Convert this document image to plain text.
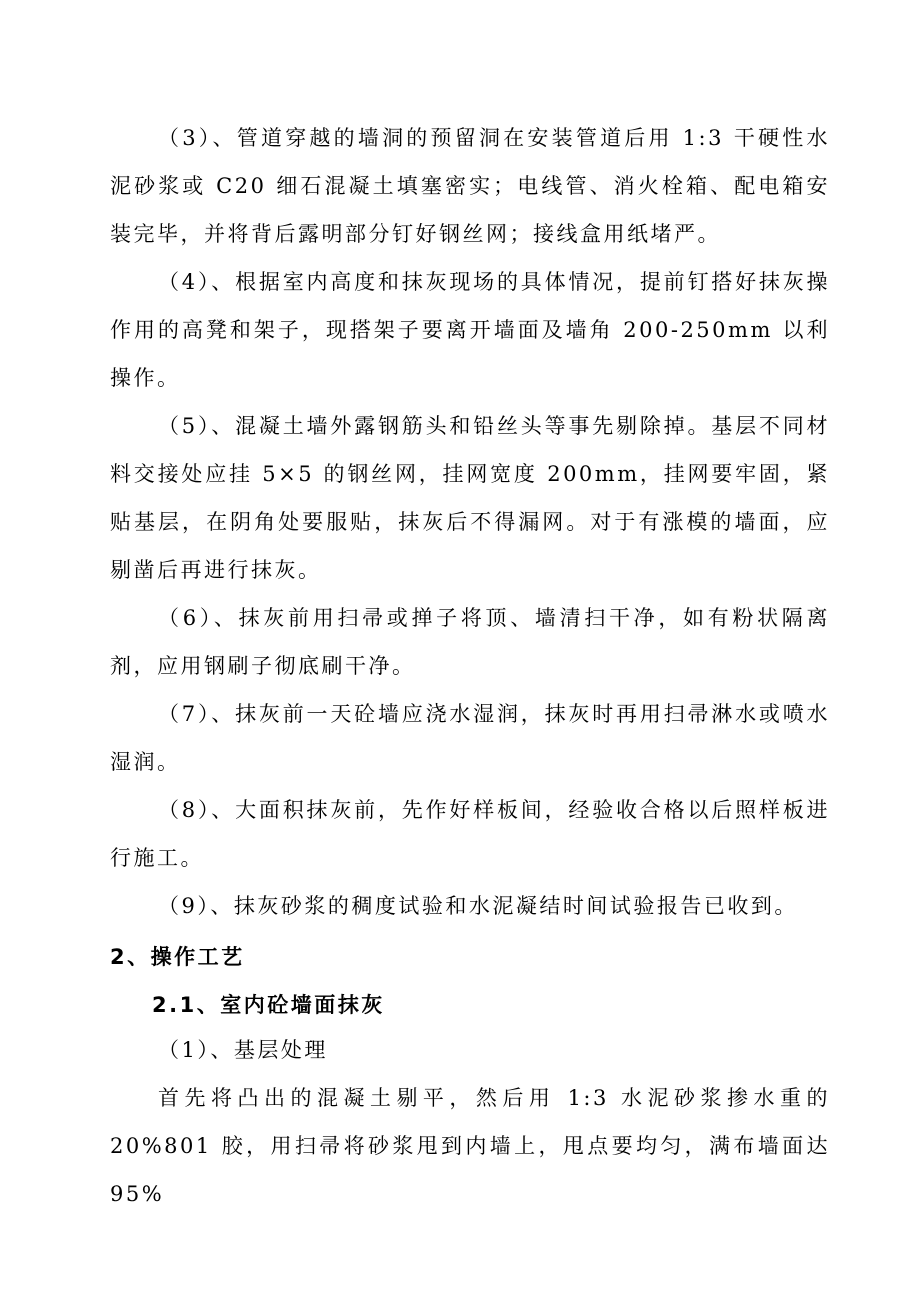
（3）、管道穿越的墙洞的预留洞在安装管道后用 1:3 干硬性水泥砂浆或 C20 细石混凝土填塞密实；电线管、消火栓箱、配电箱安装完毕，并将背后露明部分钉好钢丝网；接线盒用纸堵严。

（4）、根据室内高度和抹灰现场的具体情况，提前钉搭好抹灰操作用的高凳和架子，现搭架子要离开墙面及墙角 200-250mm 以利操作。

（5）、混凝土墙外露钢筋头和铅丝头等事先剔除掉。基层不同材料交接处应挂 5×5 的钢丝网，挂网宽度 200mm，挂网要牢固，紧贴基层，在阴角处要服贴，抹灰后不得漏网。对于有涨模的墙面，应剔凿后再进行抹灰。

（6）、抹灰前用扫帚或掸子将顶、墙清扫干净，如有粉状隔离剂，应用钢刷子彻底刷干净。

（7）、抹灰前一天砼墙应浇水湿润，抹灰时再用扫帚淋水或喷水湿润。

（8）、大面积抹灰前，先作好样板间，经验收合格以后照样板进行施工。

（9）、抹灰砂浆的稠度试验和水泥凝结时间试验报告已收到。

2、操作工艺
2.1、室内砼墙面抹灰

（1）、基层处理

首先将凸出的混凝土剔平，然后用 1:3 水泥砂浆掺水重的20%801 胶，用扫帚将砂浆甩到内墙上，甩点要均匀，满布墙面达 95%
